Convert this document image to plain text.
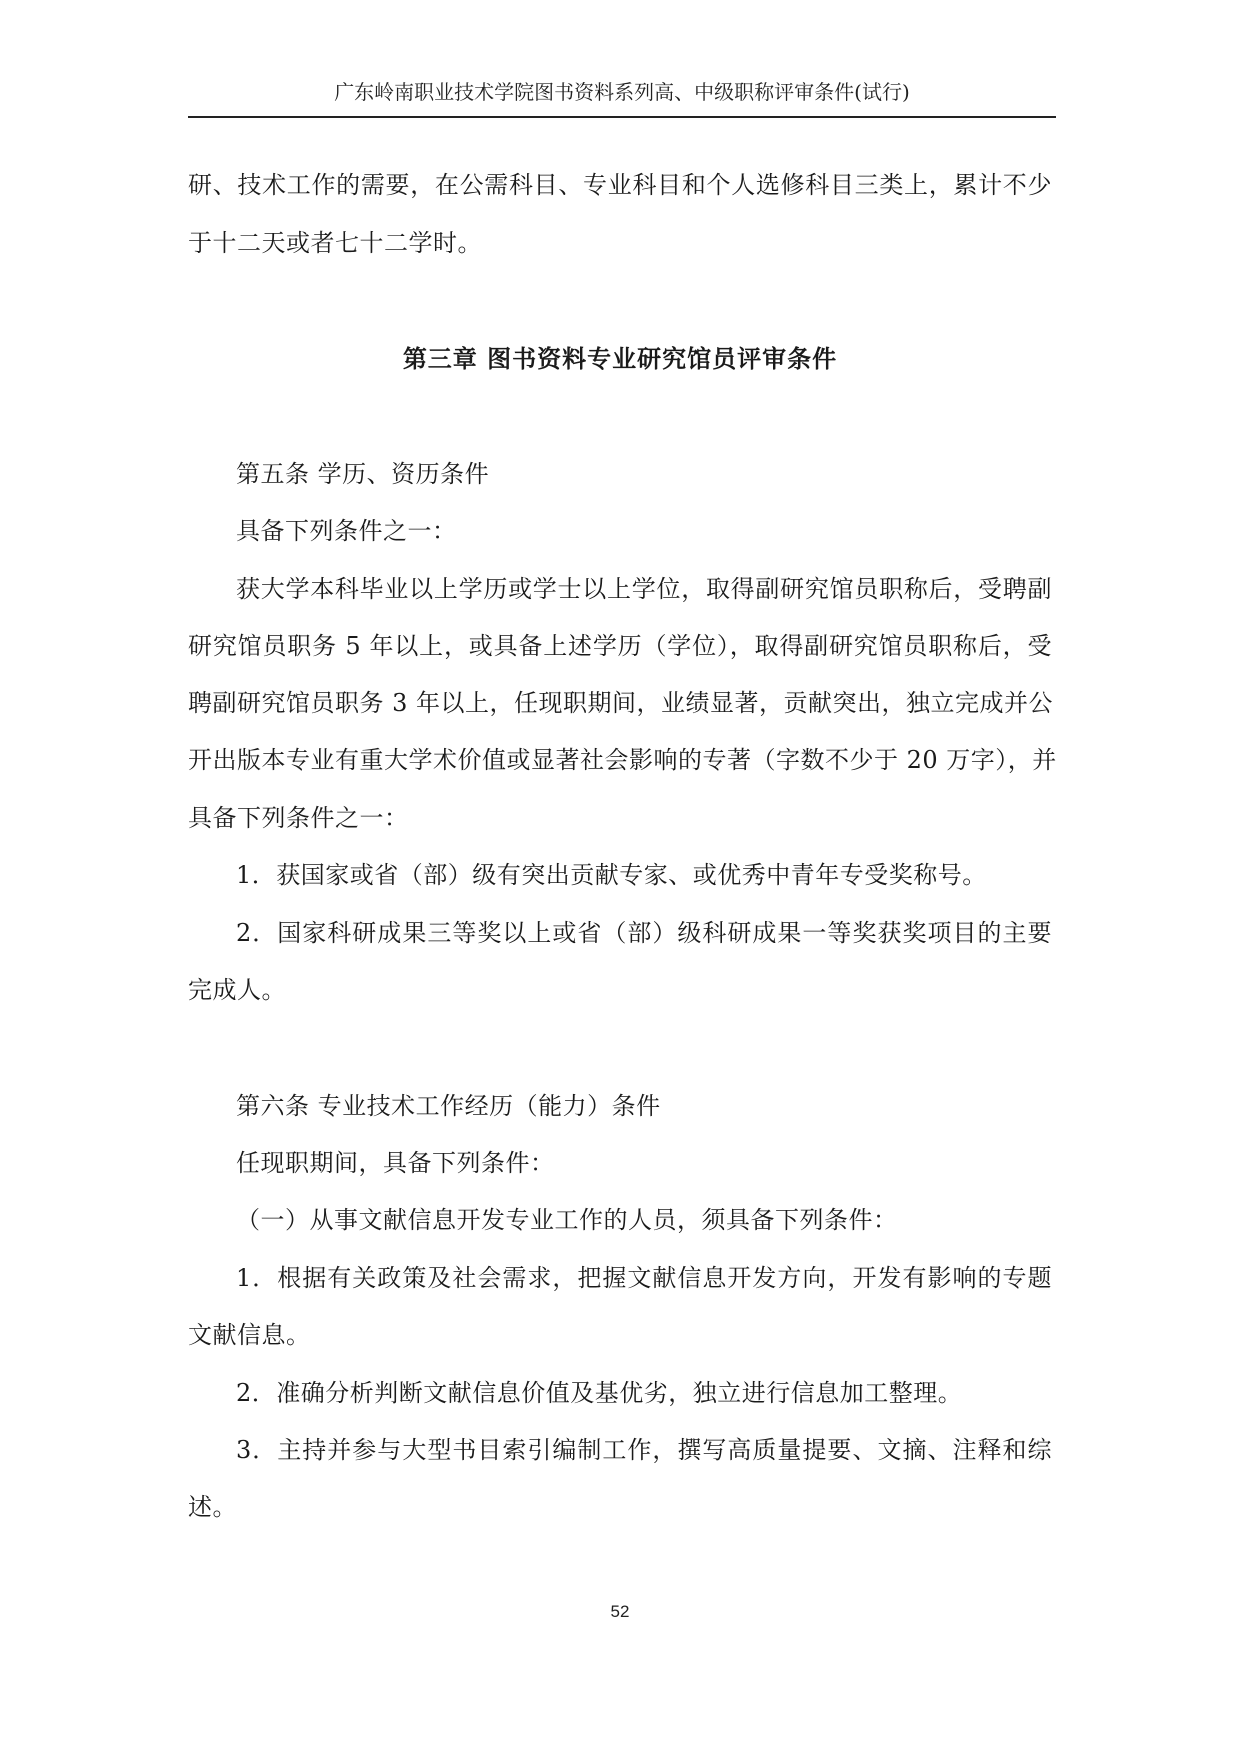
广东岭南职业技术学院图书资料系列高、中级职称评审条件(试行)
研、技术工作的需要，在公需科目、专业科目和个人选修科目三类上，累计不少
于十二天或者七十二学时。
第三章 图书资料专业研究馆员评审条件
第五条 学历、资历条件
具备下列条件之一：
获大学本科毕业以上学历或学士以上学位，取得副研究馆员职称后，受聘副
研究馆员职务 5 年以上，或具备上述学历（学位），取得副研究馆员职称后，受
聘副研究馆员职务 3 年以上，任现职期间，业绩显著，贡献突出，独立完成并公
开出版本专业有重大学术价值或显著社会影响的专著（字数不少于 20 万字），并
具备下列条件之一：
1．获国家或省（部）级有突出贡献专家、或优秀中青年专受奖称号。
2．国家科研成果三等奖以上或省（部）级科研成果一等奖获奖项目的主要
完成人。
第六条 专业技术工作经历（能力）条件
任现职期间，具备下列条件：
（一）从事文献信息开发专业工作的人员，须具备下列条件：
1．根据有关政策及社会需求，把握文献信息开发方向，开发有影响的专题
文献信息。
2．准确分析判断文献信息价值及基优劣，独立进行信息加工整理。
3．主持并参与大型书目索引编制工作，撰写高质量提要、文摘、注释和综
述。
52
